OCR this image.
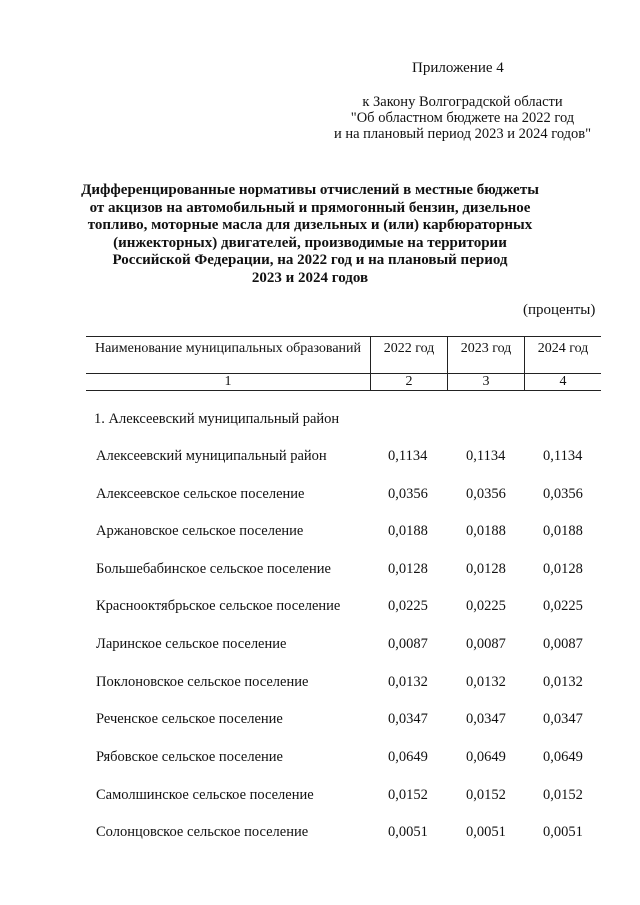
Приложение 4
к Закону Волгоградской области
"Об областном бюджете на 2022 год
и на плановый период 2023 и 2024 годов"
Дифференцированные нормативы отчислений в местные бюджеты
от акцизов на автомобильный и прямогонный бензин, дизельное
топливо, моторные масла для дизельных и (или) карбюраторных
(инжекторных) двигателей, производимые на территории
Российской Федерации, на 2022 год и на плановый период
2023 и 2024 годов
(проценты)
Наименование муниципальных образований	2022 год	2023 год	2024 год
1	2	3	4
1. Алексеевский муниципальный район
Алексеевский муниципальный район	0,1134	0,1134	0,1134
Алексеевское сельское поселение	0,0356	0,0356	0,0356
Аржановское сельское поселение	0,0188	0,0188	0,0188
Большебабинское сельское поселение	0,0128	0,0128	0,0128
Краснооктябрьское сельское поселение	0,0225	0,0225	0,0225
Ларинское сельское поселение	0,0087	0,0087	0,0087
Поклоновское сельское поселение	0,0132	0,0132	0,0132
Реченское сельское поселение	0,0347	0,0347	0,0347
Рябовское сельское поселение	0,0649	0,0649	0,0649
Самолшинское сельское поселение	0,0152	0,0152	0,0152
Солонцовское сельское поселение	0,0051	0,0051	0,0051
